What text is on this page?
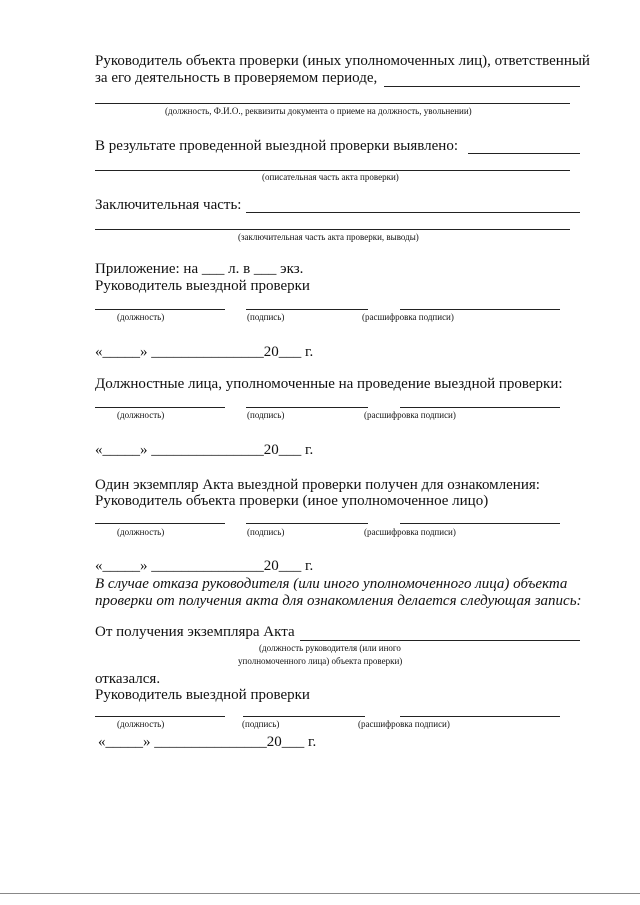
Руководитель объекта проверки (иных уполномоченных лиц), ответственный
за его деятельность в проверяемом периоде,
(должность, Ф.И.О., реквизиты документа о приеме на должность, увольнении)
В результате проведенной выездной проверки выявлено:
(описательная часть акта проверки)
Заключительная часть:
(заключительная часть акта проверки, выводы)
Приложение: на ___ л. в ___ экз.
Руководитель выездной проверки
(должность)	(подпись)	(расшифровка подписи)
«_____» _______________20___ г.
Должностные лица, уполномоченные на проведение выездной проверки:
(должность)	(подпись)	(расшифровка подписи)
«_____» _______________20___ г.
Один экземпляр Акта выездной проверки получен для ознакомления:
Руководитель объекта проверки (иное уполномоченное лицо)
(должность)	(подпись)	(расшифровка подписи)
«_____» _______________20___ г.
В случае отказа руководителя (или иного уполномоченного лица) объекта
проверки от получения акта для ознакомления делается следующая запись:
От получения экземпляра Акта
(должность руководителя (или иного
уполномоченного лица) объекта проверки)
отказался.
Руководитель выездной проверки
(должность)	(подпись)	(расшифровка подписи)
«_____» _______________20___ г.
